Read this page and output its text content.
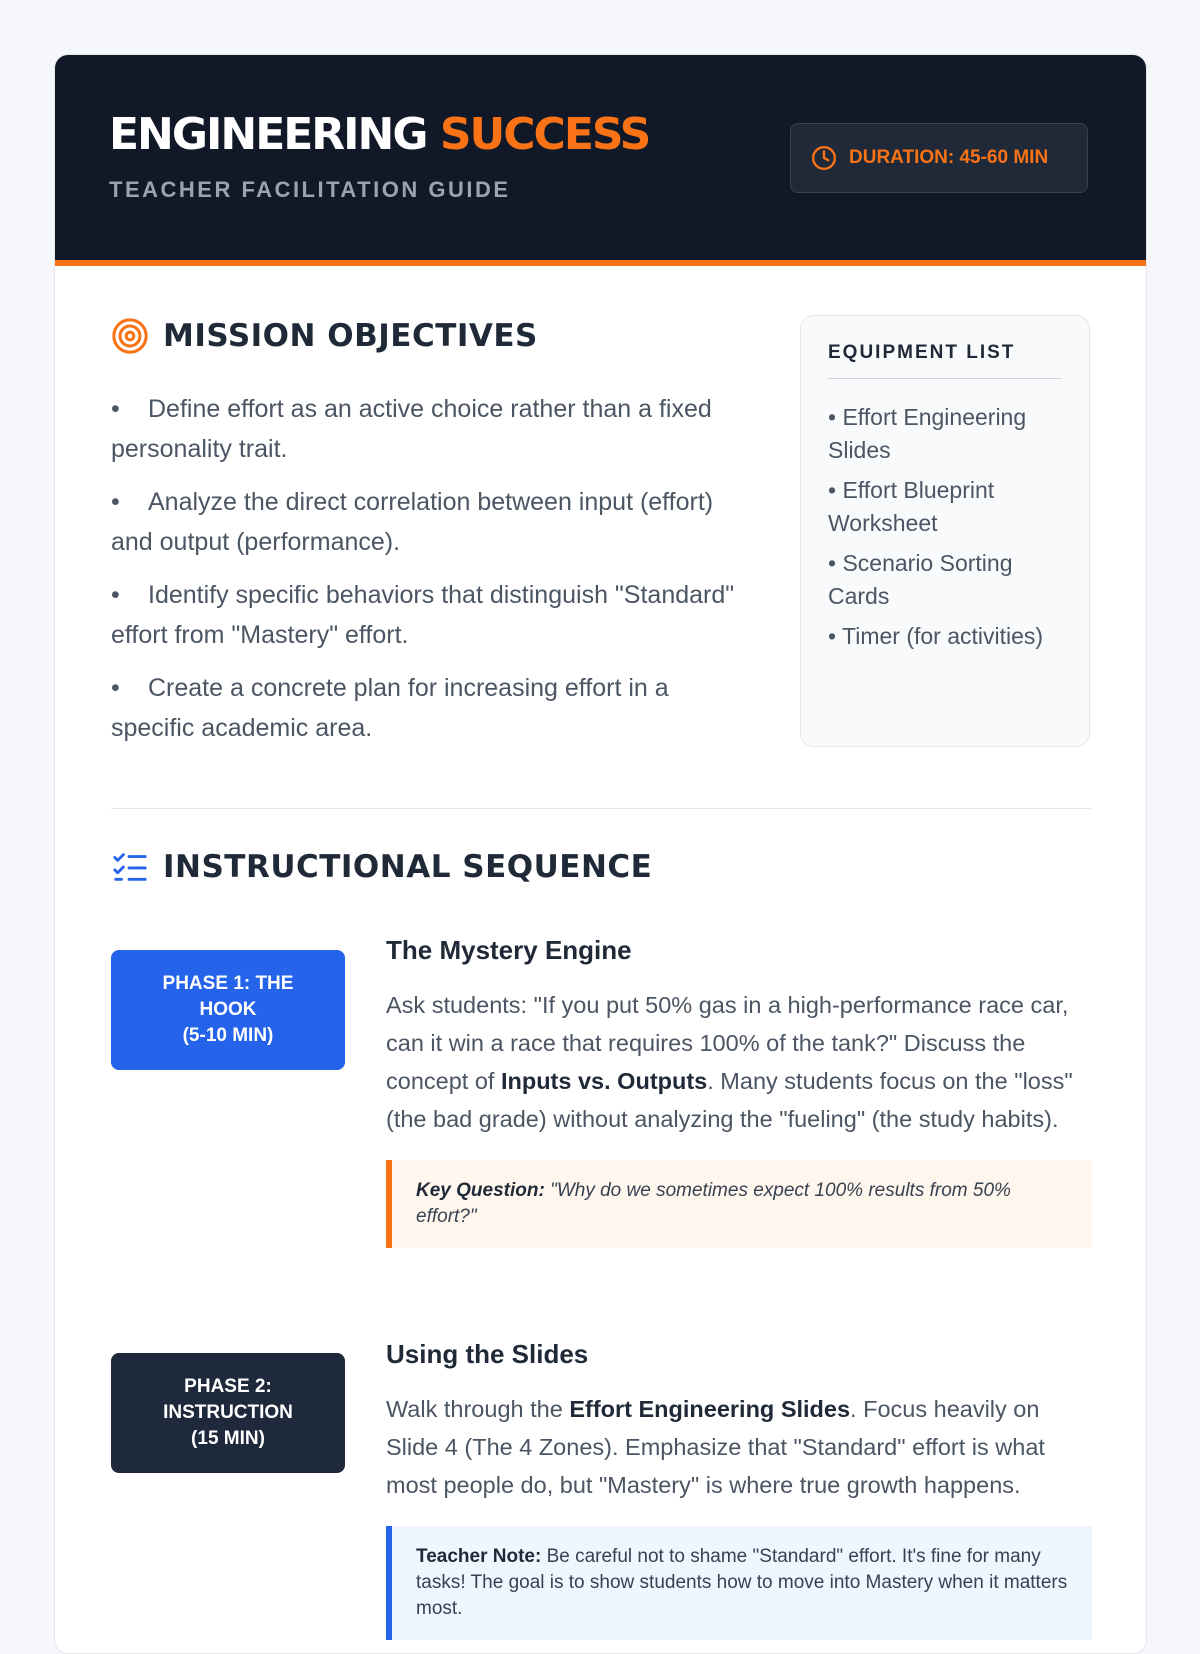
ENGINEERING SUCCESS
TEACHER FACILITATION GUIDE
DURATION: 45-60 MIN
MISSION OBJECTIVES
• Define effort as an active choice rather than a fixed personality trait.
• Analyze the direct correlation between input (effort) and output (performance).
• Identify specific behaviors that distinguish "Standard" effort from "Mastery" effort.
• Create a concrete plan for increasing effort in a specific academic area.
EQUIPMENT LIST
• Effort Engineering Slides
• Effort Blueprint Worksheet
• Scenario Sorting Cards
• Timer (for activities)
INSTRUCTIONAL SEQUENCE
PHASE 1: THE HOOK
(5-10 MIN)
The Mystery Engine

Ask students: "If you put 50% gas in a high-performance race car, can it win a race that requires 100% of the tank?" Discuss the concept of Inputs vs. Outputs. Many students focus on the "loss" (the bad grade) without analyzing the "fueling" (the study habits).

Key Question: "Why do we sometimes expect 100% results from 50% effort?"
PHASE 2: INSTRUCTION
(15 MIN)
Using the Slides

Walk through the Effort Engineering Slides. Focus heavily on Slide 4 (The 4 Zones). Emphasize that "Standard" effort is what most people do, but "Mastery" is where true growth happens.

Teacher Note: Be careful not to shame "Standard" effort. It's fine for many tasks! The goal is to show students how to move into Mastery when it matters most.
